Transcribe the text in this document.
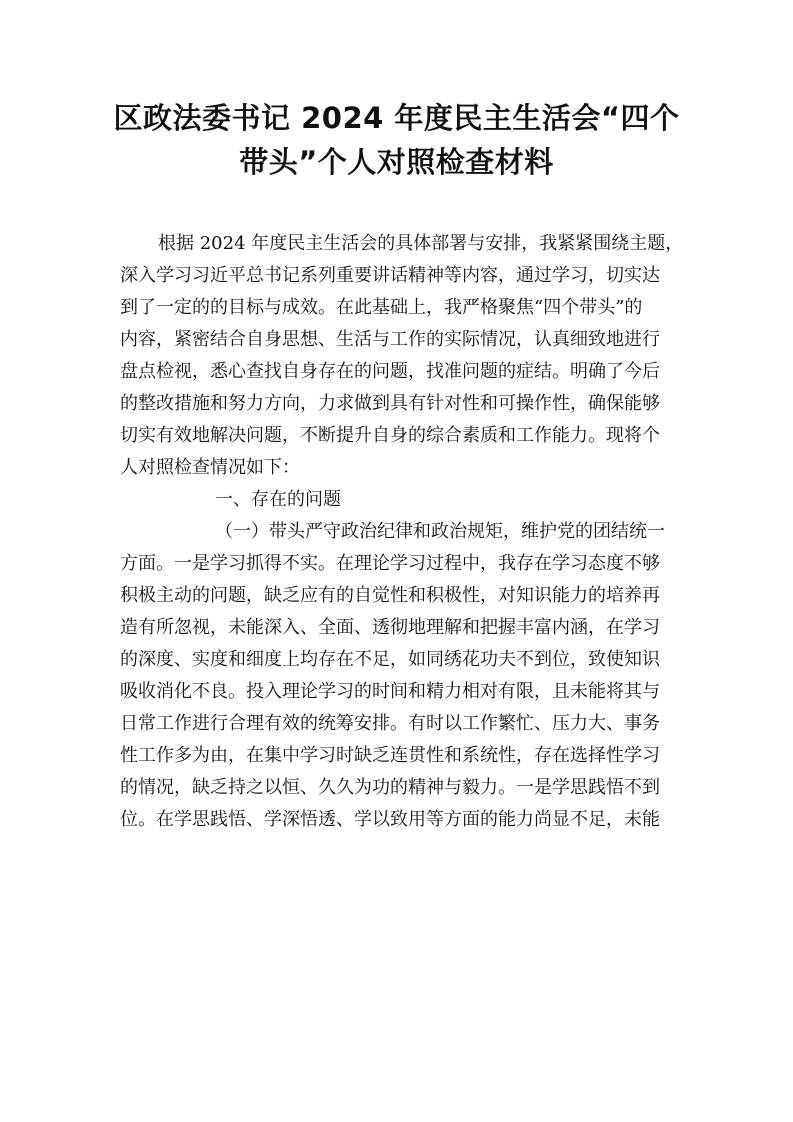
区政法委书记 2024 年度民主生活会“四个
带头”个人对照检查材料
根据 2024 年度民主生活会的具体部署与安排，我紧紧围绕主题，
深入学习习近平总书记系列重要讲话精神等内容，通过学习，切实达
到了一定的的目标与成效。在此基础上，我严格聚焦“四个带头”的
内容，紧密结合自身思想、生活与工作的实际情况，认真细致地进行
盘点检视，悉心查找自身存在的问题，找准问题的症结。明确了今后
的整改措施和努力方向，力求做到具有针对性和可操作性，确保能够
切实有效地解决问题，不断提升自身的综合素质和工作能力。现将个
人对照检查情况如下：
一、存在的问题
（一）带头严守政治纪律和政治规矩，维护党的团结统一
方面。一是学习抓得不实。在理论学习过程中，我存在学习态度不够
积极主动的问题，缺乏应有的自觉性和积极性，对知识能力的培养再
造有所忽视，未能深入、全面、透彻地理解和把握丰富内涵，在学习
的深度、实度和细度上均存在不足，如同绣花功夫不到位，致使知识
吸收消化不良。投入理论学习的时间和精力相对有限，且未能将其与
日常工作进行合理有效的统筹安排。有时以工作繁忙、压力大、事务
性工作多为由，在集中学习时缺乏连贯性和系统性，存在选择性学习
的情况，缺乏持之以恒、久久为功的精神与毅力。一是学思践悟不到
位。在学思践悟、学深悟透、学以致用等方面的能力尚显不足，未能
